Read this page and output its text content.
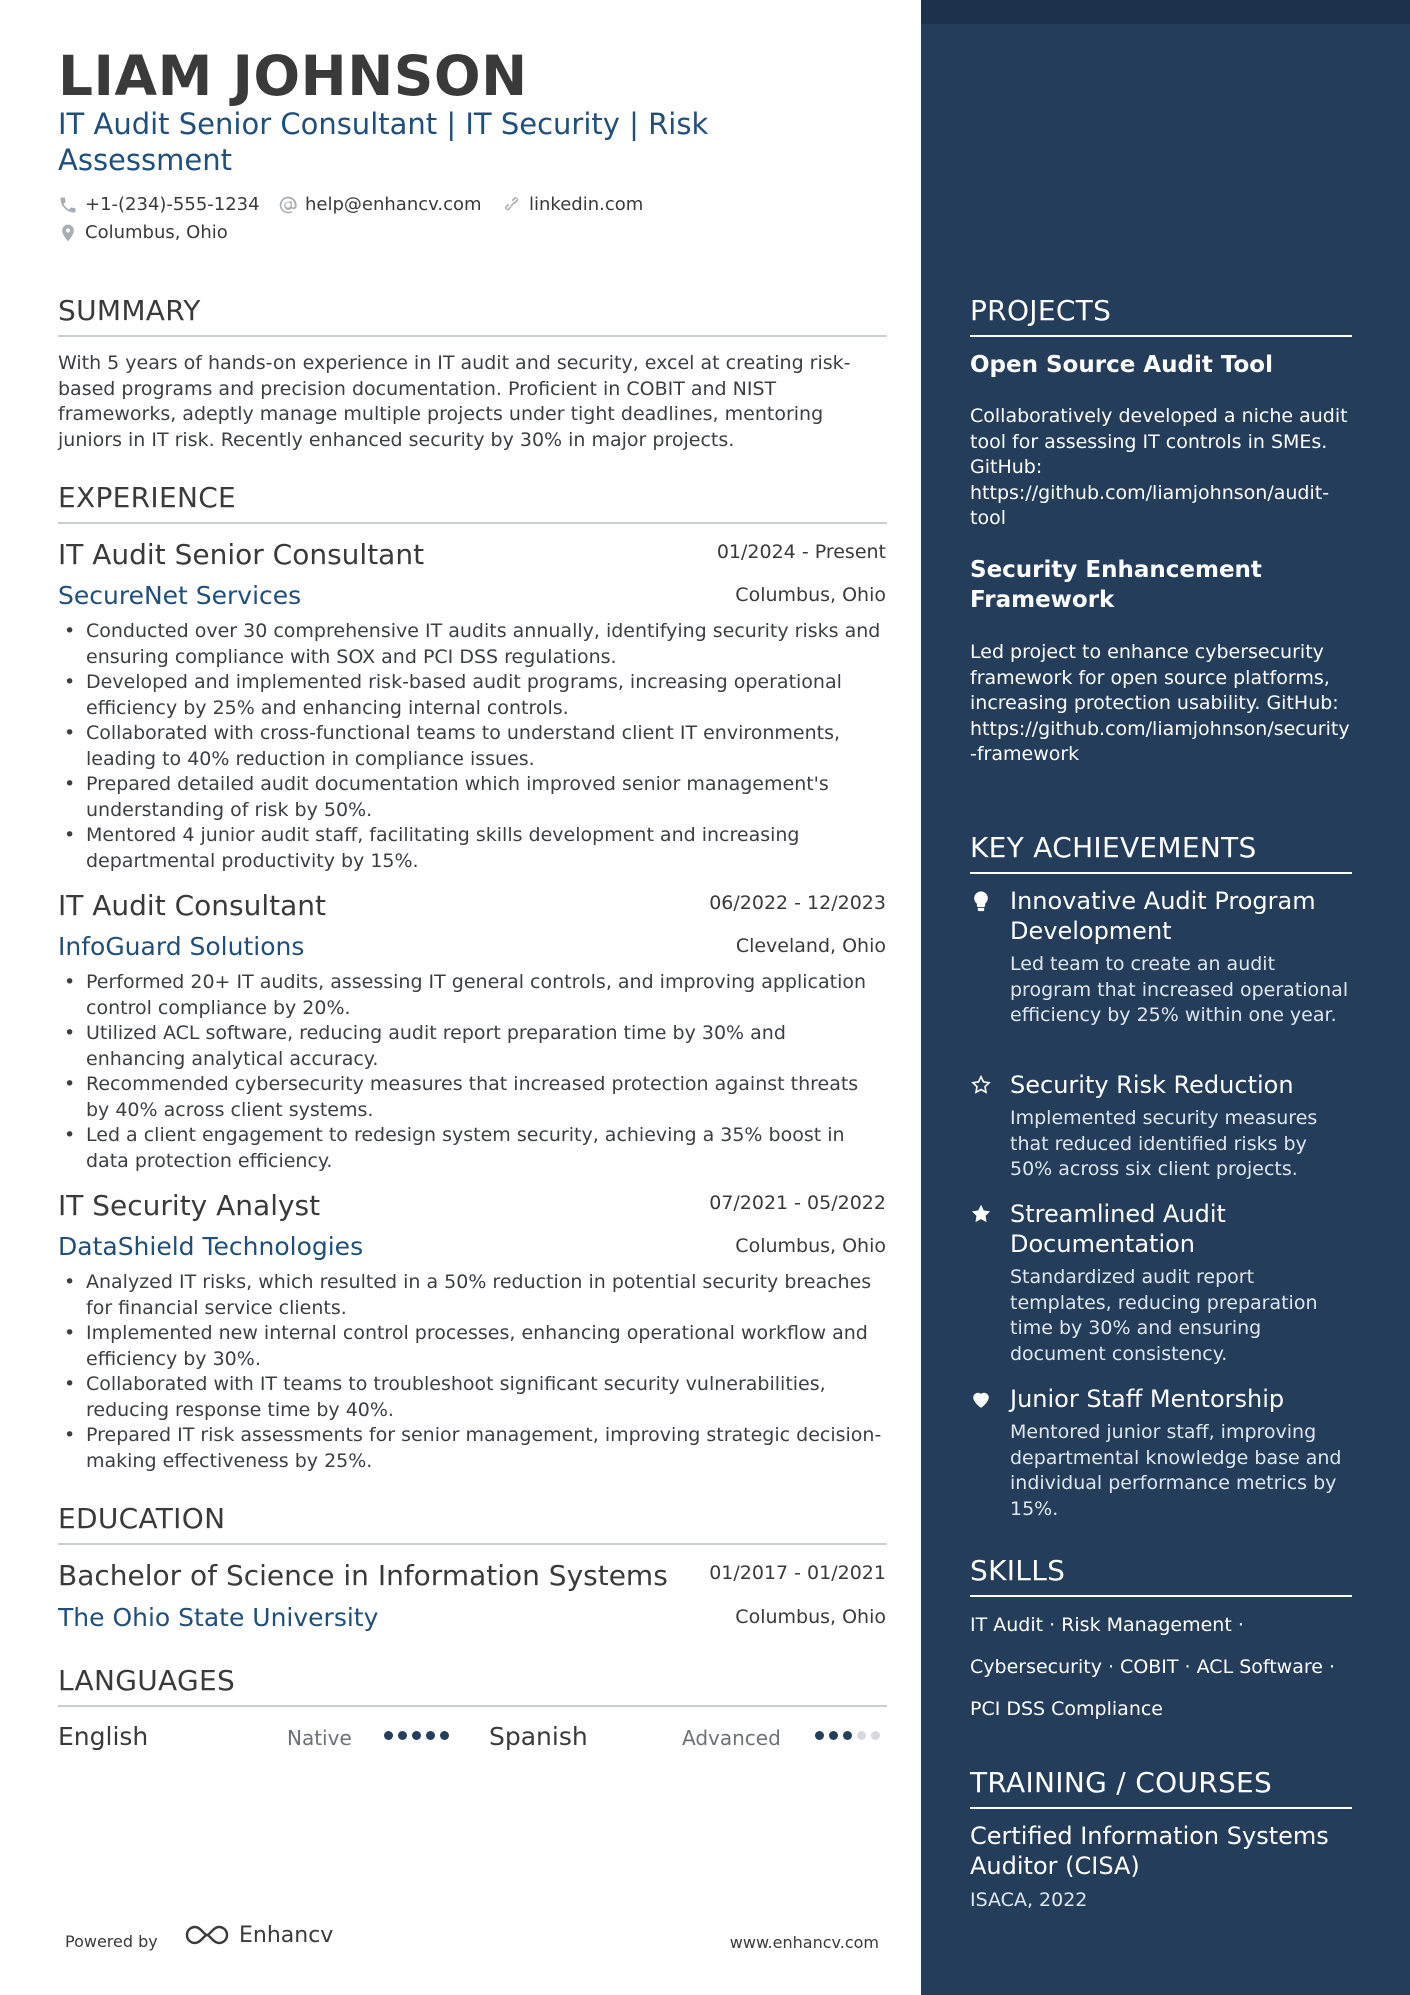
LIAM JOHNSON
IT Audit Senior Consultant | IT Security | Risk Assessment
+1-(234)-555-1234	help@enhancv.com	linkedin.com
Columbus, Ohio
SUMMARY
With 5 years of hands-on experience in IT audit and security, excel at creating risk-based programs and precision documentation. Proficient in COBIT and NIST frameworks, adeptly manage multiple projects under tight deadlines, mentoring juniors in IT risk. Recently enhanced security by 30% in major projects.
EXPERIENCE
IT Audit Senior Consultant	01/2024 - Present
SecureNet Services	Columbus, Ohio
• Conducted over 30 comprehensive IT audits annually, identifying security risks and ensuring compliance with SOX and PCI DSS regulations.
• Developed and implemented risk-based audit programs, increasing operational efficiency by 25% and enhancing internal controls.
• Collaborated with cross-functional teams to understand client IT environments, leading to 40% reduction in compliance issues.
• Prepared detailed audit documentation which improved senior management's understanding of risk by 50%.
• Mentored 4 junior audit staff, facilitating skills development and increasing departmental productivity by 15%.
IT Audit Consultant	06/2022 - 12/2023
InfoGuard Solutions	Cleveland, Ohio
• Performed 20+ IT audits, assessing IT general controls, and improving application control compliance by 20%.
• Utilized ACL software, reducing audit report preparation time by 30% and enhancing analytical accuracy.
• Recommended cybersecurity measures that increased protection against threats by 40% across client systems.
• Led a client engagement to redesign system security, achieving a 35% boost in data protection efficiency.
IT Security Analyst	07/2021 - 05/2022
DataShield Technologies	Columbus, Ohio
• Analyzed IT risks, which resulted in a 50% reduction in potential security breaches for financial service clients.
• Implemented new internal control processes, enhancing operational workflow and efficiency by 30%.
• Collaborated with IT teams to troubleshoot significant security vulnerabilities, reducing response time by 40%.
• Prepared IT risk assessments for senior management, improving strategic decision-making effectiveness by 25%.
EDUCATION
Bachelor of Science in Information Systems 01/2017 - 01/2021
The Ohio State University	Columbus, Ohio
LANGUAGES
English	Native	Spanish	Advanced
Powered by	Enhancv	www.enhancv.com
PROJECTS
Open Source Audit Tool
Collaboratively developed a niche audit tool for assessing IT controls in SMEs. GitHub: https://github.com/liamjohnson/audit-tool
Security Enhancement Framework
Led project to enhance cybersecurity framework for open source platforms, increasing protection usability. GitHub: https://github.com/liamjohnson/security-framework
KEY ACHIEVEMENTS
Innovative Audit Program Development
Led team to create an audit program that increased operational efficiency by 25% within one year.
Security Risk Reduction
Implemented security measures that reduced identified risks by 50% across six client projects.
Streamlined Audit Documentation
Standardized audit report templates, reducing preparation time by 30% and ensuring document consistency.
Junior Staff Mentorship
Mentored junior staff, improving departmental knowledge base and individual performance metrics by 15%.
SKILLS
IT Audit · Risk Management ·
Cybersecurity · COBIT · ACL Software ·
PCI DSS Compliance
TRAINING / COURSES
Certified Information Systems Auditor (CISA)
ISACA, 2022
